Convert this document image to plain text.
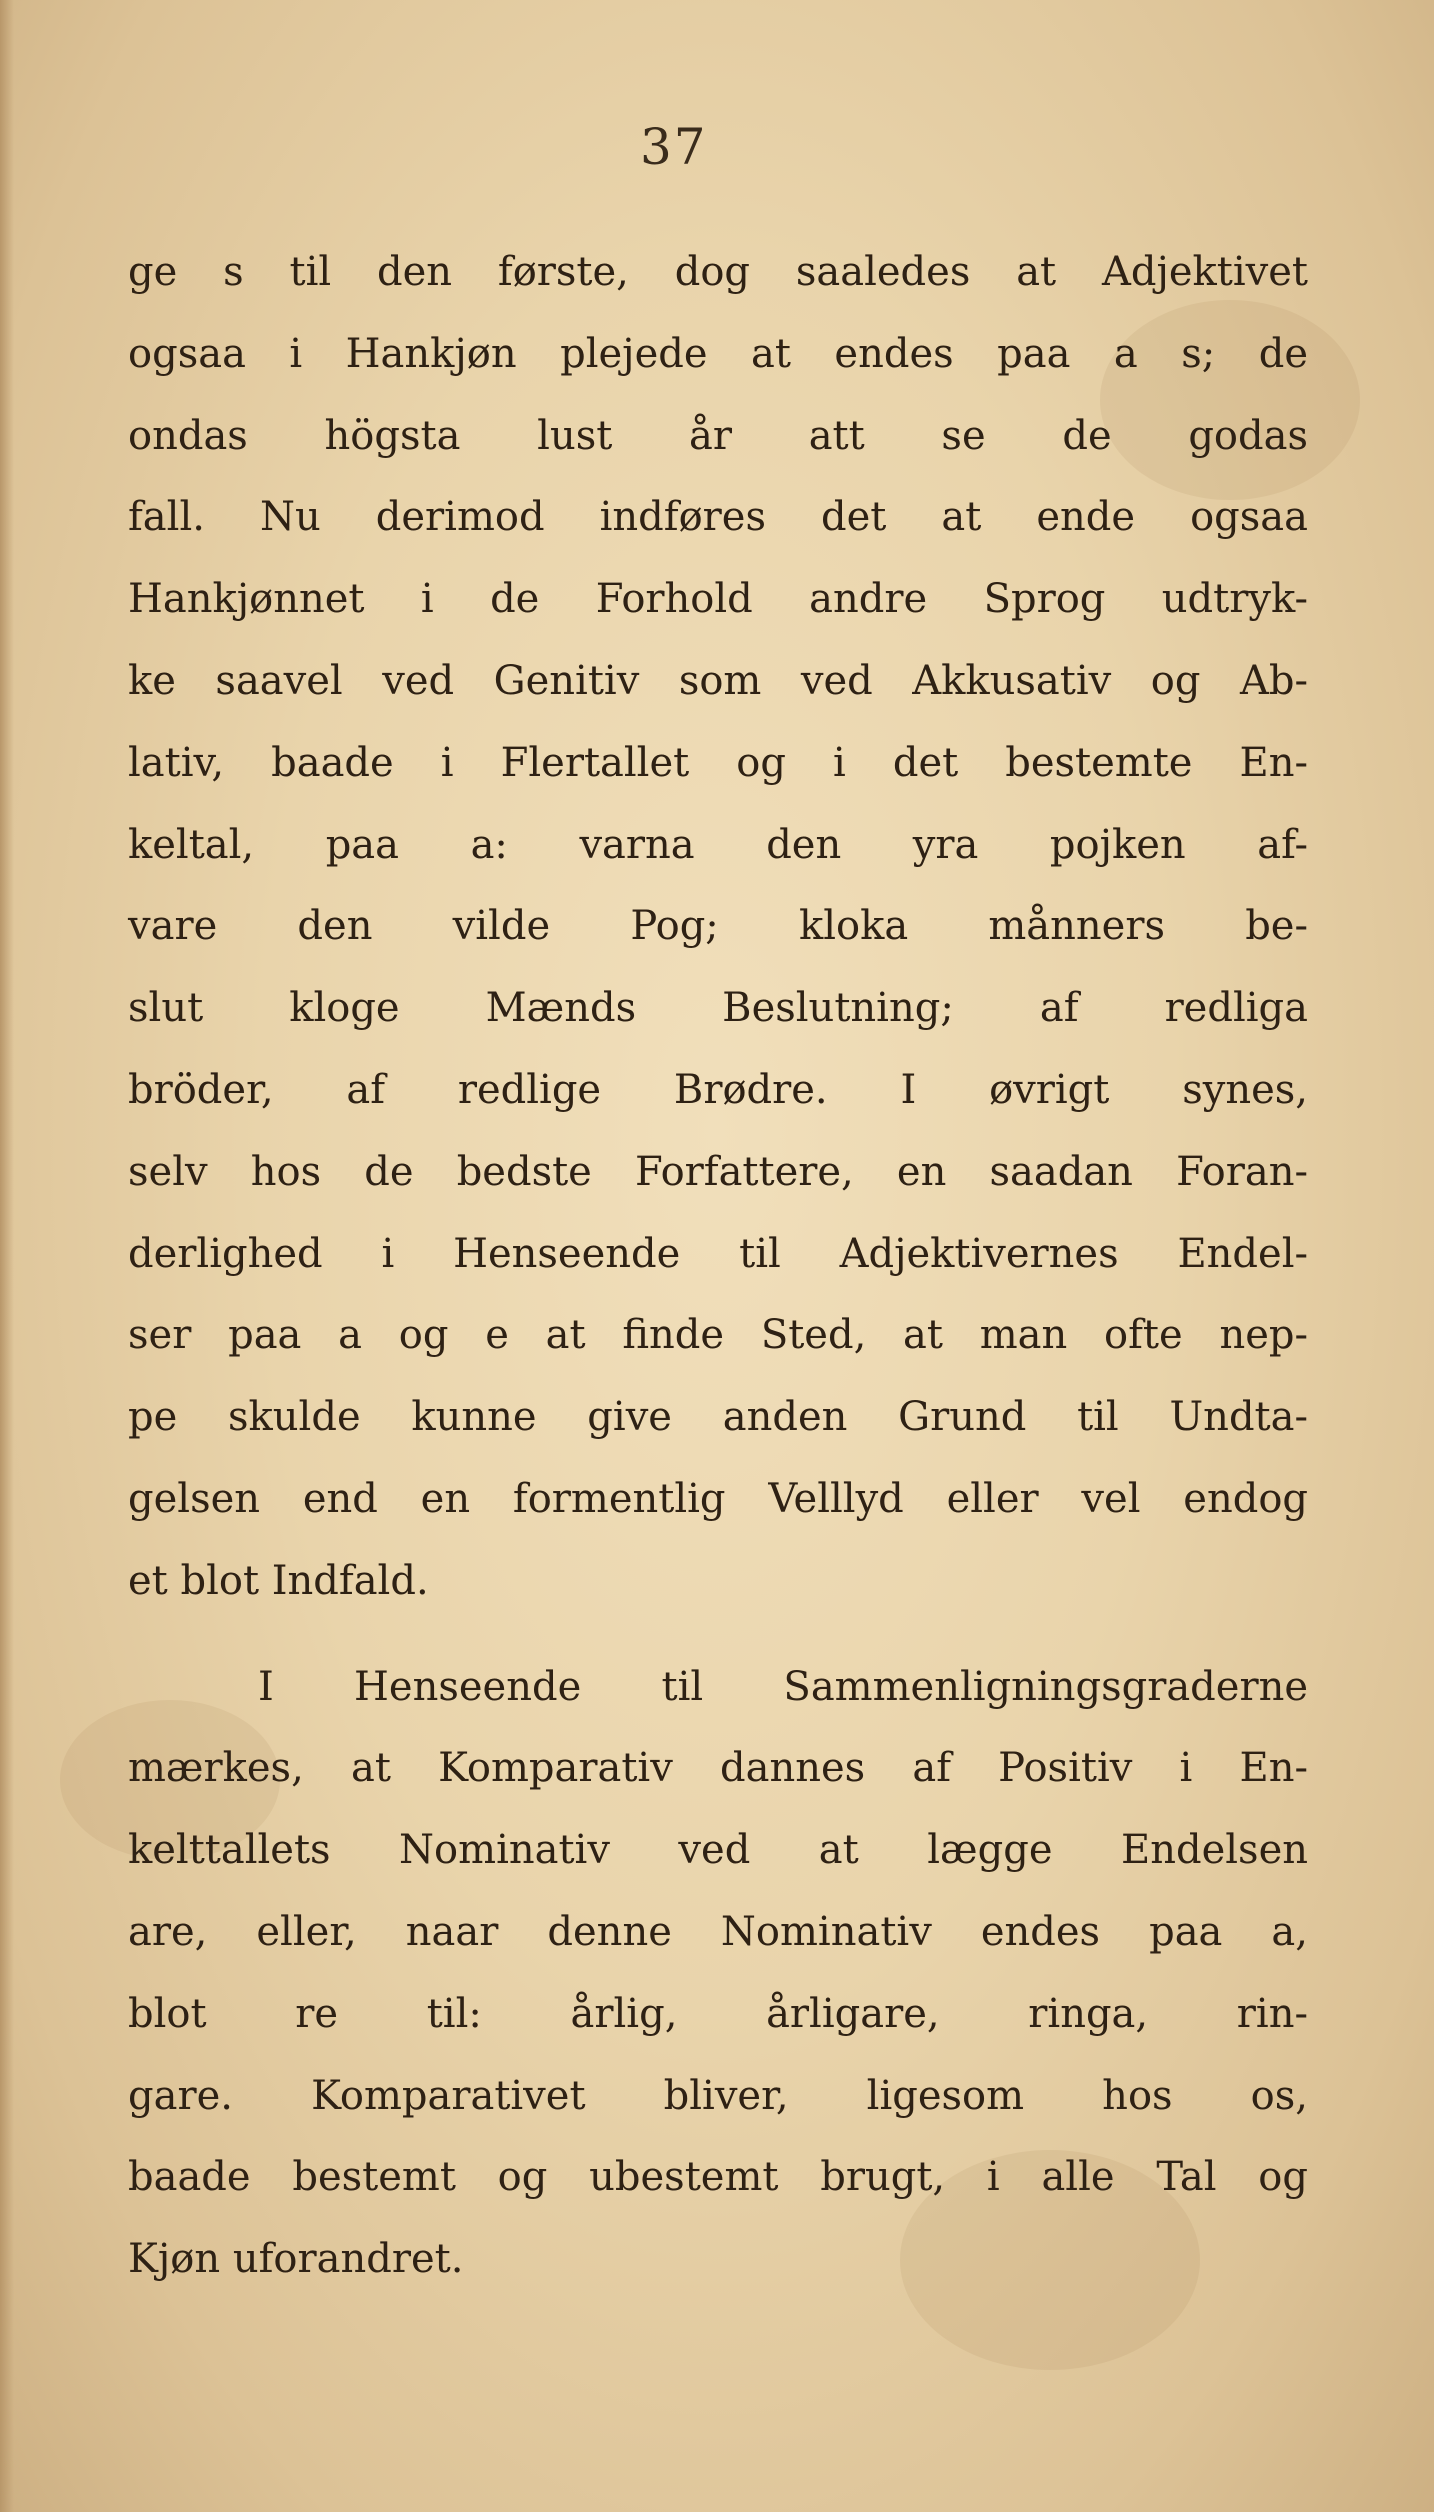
37
ge s til den første, dog saaledes at Adjektivet
ogsaa i Hankjøn plejede at endes paa a s; de
ondas högsta lust år att se de godas
fall. Nu derimod indføres det at ende ogsaa
Hankjønnet i de Forhold andre Sprog udtryk-
ke saavel ved Genitiv som ved Akkusativ og Ab-
lativ, baade i Flertallet og i det bestemte En-
keltal, paa a: varna den yra pojken af-
vare den vilde Pog; kloka månners be-
slut kloge Mænds Beslutning; af redliga
bröder, af redlige Brødre. I øvrigt synes,
selv hos de bedste Forfattere, en saadan Foran-
derlighed i Henseende til Adjektivernes Endel-
ser paa a og e at finde Sted, at man ofte nep-
pe skulde kunne give anden Grund til Undta-
gelsen end en formentlig Velllyd eller vel endog
et blot Indfald.
I Henseende til Sammenligningsgraderne
mærkes, at Komparativ dannes af Positiv i En-
kelttallets Nominativ ved at lægge Endelsen
are, eller, naar denne Nominativ endes paa a,
blot re til: årlig, årligare, ringa, rin-
gare. Komparativet bliver, ligesom hos os,
baade bestemt og ubestemt brugt, i alle Tal og
Kjøn uforandret.
